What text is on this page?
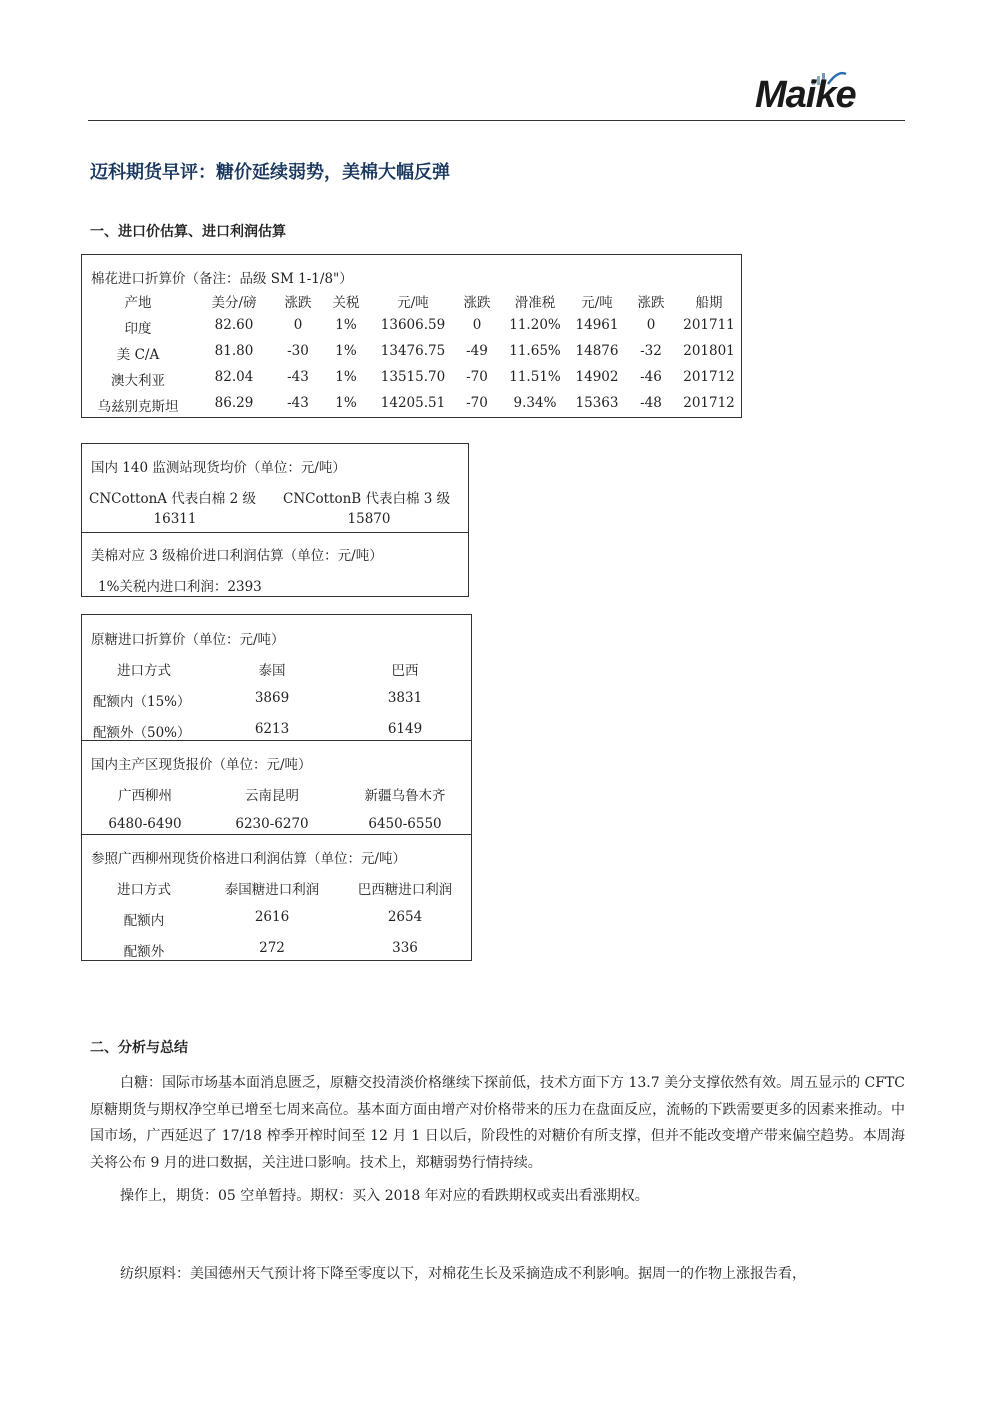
Maike
迈科期货早评：糖价延续弱势，美棉大幅反弹
一、进口价估算、进口利润估算
棉花进口折算价（备注：品级 SM 1-1/8"）
产地	美分/磅 涨跌 关税	元/吨	涨跌 滑准税 元/吨 涨跌 船期
印度	82.60	0 1% 13606.59 0 11.20% 14961 0 201711
美 C/A	81.80	-30 1% 13476.75 -49 11.65% 14876 -32 201801
澳大利亚	82.04	-43 1% 13515.70 -70 11.51% 14902 -46 201712
乌兹别克斯坦	86.29	-43 1% 14205.51 -70 9.34% 15363 -48 201712
国内 140 监测站现货均价（单位：元/吨）
CNCottonA 代表白棉 2 级 CNCottonB 代表白棉 3 级
16311	15870
美棉对应 3 级棉价进口利润估算（单位：元/吨）
1%关税内进口利润：2393
原糖进口折算价（单位：元/吨）
进口方式	泰国	巴西
配额内（15%）	3869	3831
配额外（50%）	6213	6149
国内主产区现货报价（单位：元/吨）
广西柳州	云南昆明	新疆乌鲁木齐
6480-6490	6230-6270	6450-6550
参照广西柳州现货价格进口利润估算（单位：元/吨）
进口方式	泰国糖进口利润	巴西糖进口利润
配额内	2616	2654
配额外	272	336
二、分析与总结
白糖：国际市场基本面消息匮乏，原糖交投清淡价格继续下探前低，技术方面下方 13.7 美分支撑依然有效。周五显示的 CFTC 原糖期货与期权净空单已增至七周来高位。基本面方面由增产对价格带来的压力在盘面反应，流畅的下跌需要更多的因素来推动。中国市场，广西延迟了 17/18 榨季开榨时间至 12 月 1 日以后，阶段性的对糖价有所支撑，但并不能改变增产带来偏空趋势。本周海关将公布 9 月的进口数据，关注进口影响。技术上，郑糖弱势行情持续。
操作上，期货：05 空单暂持。期权：买入 2018 年对应的看跌期权或卖出看涨期权。
纺织原料：美国德州天气预计将下降至零度以下，对棉花生长及采摘造成不利影响。据周一的作物上涨报告看，
